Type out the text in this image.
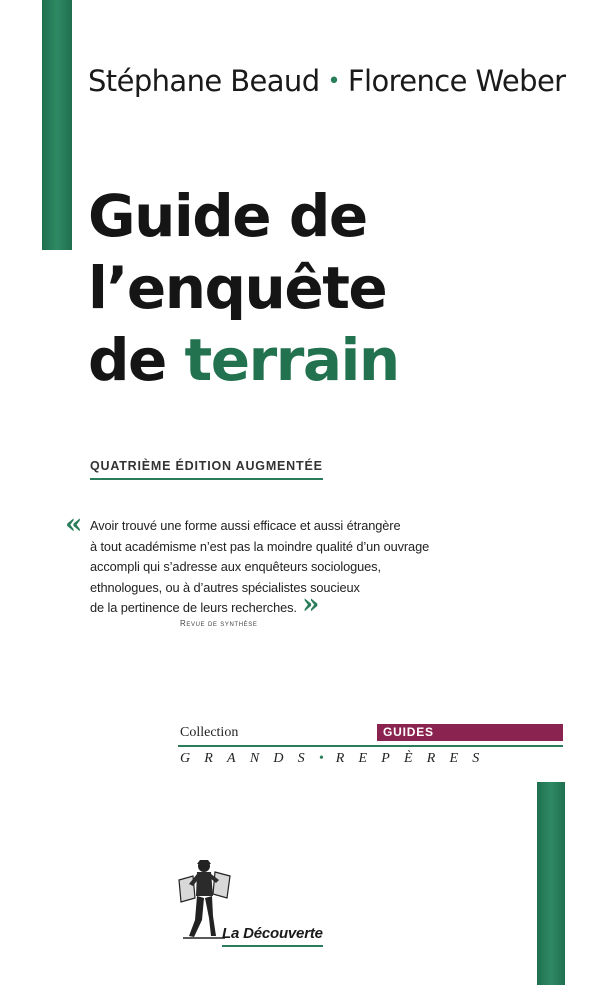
Stéphane Beaud • Florence Weber
Guide de
l’enquête
de terrain
QUATRIÈME ÉDITION AUGMENTÉE
« Avoir trouvé une forme aussi efficace et aussi étrangère
à tout académisme n’est pas la moindre qualité d’un ouvrage
accompli qui s’adresse aux enquêteurs sociologues,
ethnologues, ou à d’autres spécialistes soucieux
de la pertinence de leurs recherches. »
Revue de synthèse
Collection	GUIDES
GRANDS•REPÈRES
La Découverte
